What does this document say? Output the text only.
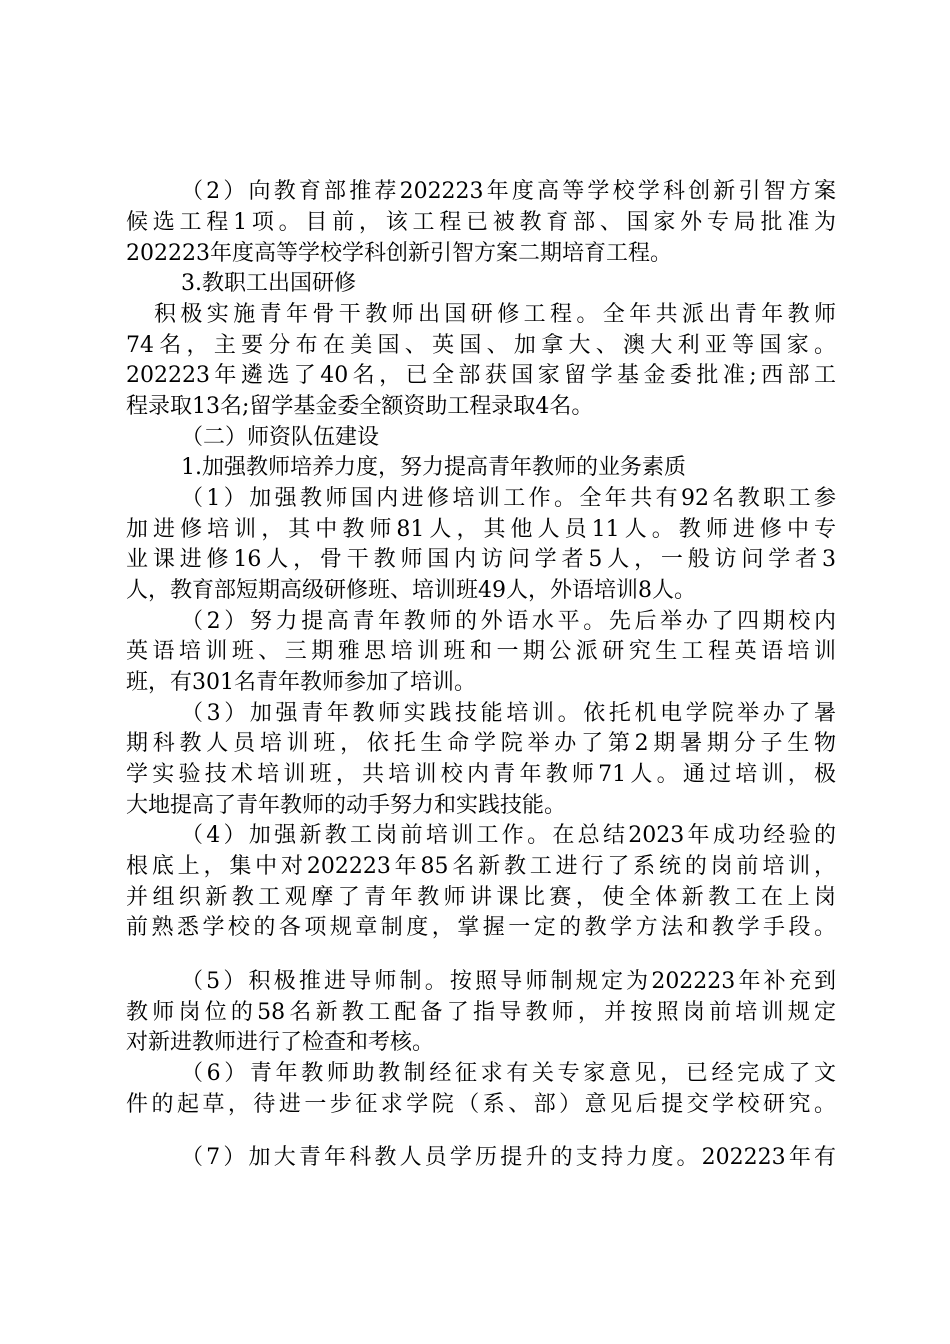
（2）向教育部推荐202223年度高等学校学科创新引智方案
候选工程1项。目前，该工程已被教育部、国家外专局批准为
202223年度高等学校学科创新引智方案二期培育工程。
3.教职工出国研修
积极实施青年骨干教师出国研修工程。全年共派出青年教师
74名，主要分布在美国、英国、加拿大、澳大利亚等国家。
202223年遴选了40名，已全部获国家留学基金委批准;西部工
程录取13名;留学基金委全额资助工程录取4名。
（二）师资队伍建设
1.加强教师培养力度，努力提高青年教师的业务素质
（1）加强教师国内进修培训工作。全年共有92名教职工参
加进修培训，其中教师81人，其他人员11人。教师进修中专
业课进修16人，骨干教师国内访问学者5人，一般访问学者3
人，教育部短期高级研修班、培训班49人，外语培训8人。
（2）努力提高青年教师的外语水平。先后举办了四期校内
英语培训班、三期雅思培训班和一期公派研究生工程英语培训
班，有301名青年教师参加了培训。
（3）加强青年教师实践技能培训。依托机电学院举办了暑
期科教人员培训班，依托生命学院举办了第2期暑期分子生物
学实验技术培训班，共培训校内青年教师71人。通过培训，极
大地提高了青年教师的动手努力和实践技能。
（4）加强新教工岗前培训工作。在总结2023年成功经验的
根底上，集中对202223年85名新教工进行了系统的岗前培训，
并组织新教工观摩了青年教师讲课比赛，使全体新教工在上岗
前熟悉学校的各项规章制度，掌握一定的教学方法和教学手段。
（5）积极推进导师制。按照导师制规定为202223年补充到
教师岗位的58名新教工配备了指导教师，并按照岗前培训规定
对新进教师进行了检查和考核。
（6）青年教师助教制经征求有关专家意见，已经完成了文
件的起草，待进一步征求学院（系、部）意见后提交学校研究。
（7）加大青年科教人员学历提升的支持力度。202223年有
